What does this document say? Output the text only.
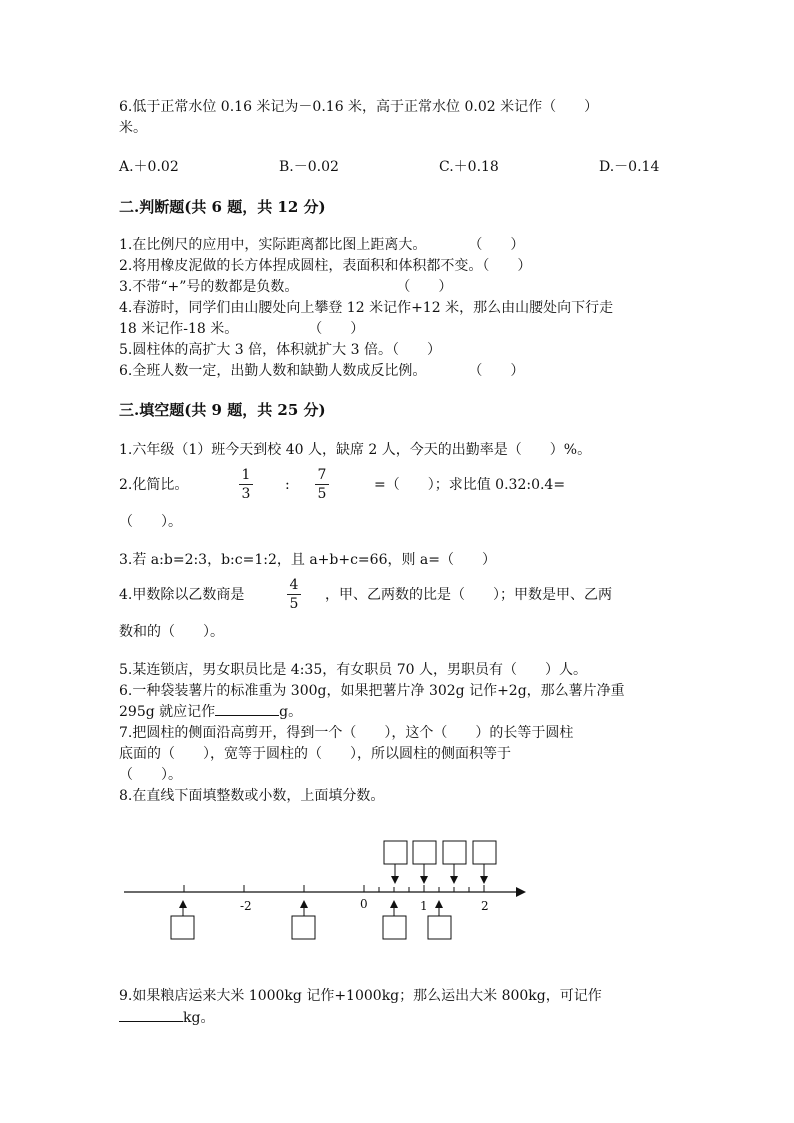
6.低于正常水位 0.16 米记为－0.16 米，高于正常水位 0.02 米记作（　　）
米。
A.＋0.02	B.－0.02	C.＋0.18	D.－0.14
二.判断题(共 6 题，共 12 分)
1.在比例尺的应用中，实际距离都比图上距离大。　　　　（　　）
2.将用橡皮泥做的长方体捏成圆柱，表面积和体积都不变。（　　）
3.不带“+”号的数都是负数。　　　　　　　　（　　）
4.春游时，同学们由山腰处向上攀登 12 米记作+12 米，那么由山腰处向下行走
18 米记作-18 米。　　　　　　（　　）
5.圆柱体的高扩大 3 倍，体积就扩大 3 倍。（　　）
6.全班人数一定，出勤人数和缺勤人数成反比例。　　　　（　　）
三.填空题(共 9 题，共 25 分)
1.六年级（1）班今天到校 40 人，缺席 2 人，今天的出勤率是（　　）%。
2.化简比。
1
3
:
7
5
=（　　）；求比值 0.32:0.4=
（　　）。
3.若 a:b=2:3，b:c=1:2，且 a+b+c=66，则 a=（　　）
4.甲数除以乙数商是
4
5
，甲、乙两数的比是（　　）；甲数是甲、乙两
数和的（　　）。
5.某连锁店，男女职员比是 4:35，有女职员 70 人，男职员有（　　）人。
6.一种袋装薯片的标准重为 300g，如果把薯片净 302g 记作+2g，那么薯片净重
295g 就应记作	g。
7.把圆柱的侧面沿高剪开，得到一个（　　），这个（　　）的长等于圆柱
底面的（　　），宽等于圆柱的（　　），所以圆柱的侧面积等于
（　　）。
8.在直线下面填整数或小数，上面填分数。
-2	0	1	2
9.如果粮店运来大米 1000kg 记作+1000kg；那么运出大米 800kg，可记作
kg。
